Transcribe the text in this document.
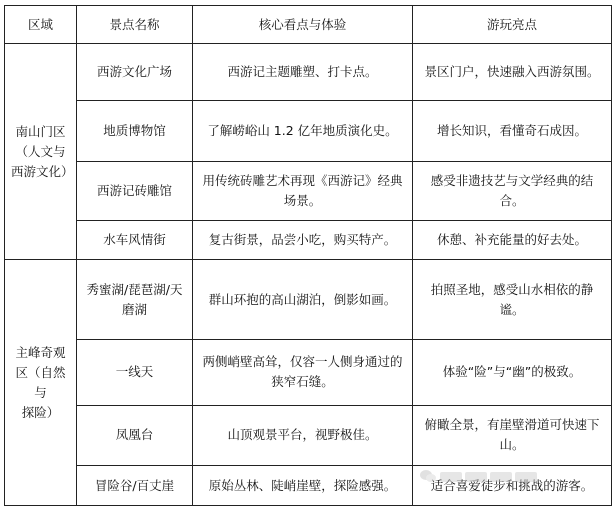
区域	景点名称	核心看点与体验	游玩亮点

南山门区
（人文与
西游文化）	西游文化广场	西游记主题雕塑、打卡点。	景区门户，快速融入西游氛围。
	地质博物馆	了解崂峪山 1.2 亿年地质演化史。	增长知识，看懂奇石成因。
	西游记砖雕馆	用传统砖雕艺术再现《西游记》经典场景。	感受非遗技艺与文学经典的结合。
	水车风情街	复古街景，品尝小吃，购买特产。	休憩、补充能量的好去处。

主峰奇观
区（自然与
探险）	秀蜜湖/琵琶湖/天磨湖	群山环抱的高山湖泊，倒影如画。	拍照圣地，感受山水相依的静谧。
	一线天	两侧峭壁高耸，仅容一人侧身通过的狭窄石缝。	体验“险”与“幽”的极致。
	凤凰台	山顶观景平台，视野极佳。	俯瞰全景，有崖壁滑道可快速下山。
	冒险谷/百丈崖	原始丛林、陡峭崖壁，探险感强。	适合喜爱徒步和挑战的游客。
